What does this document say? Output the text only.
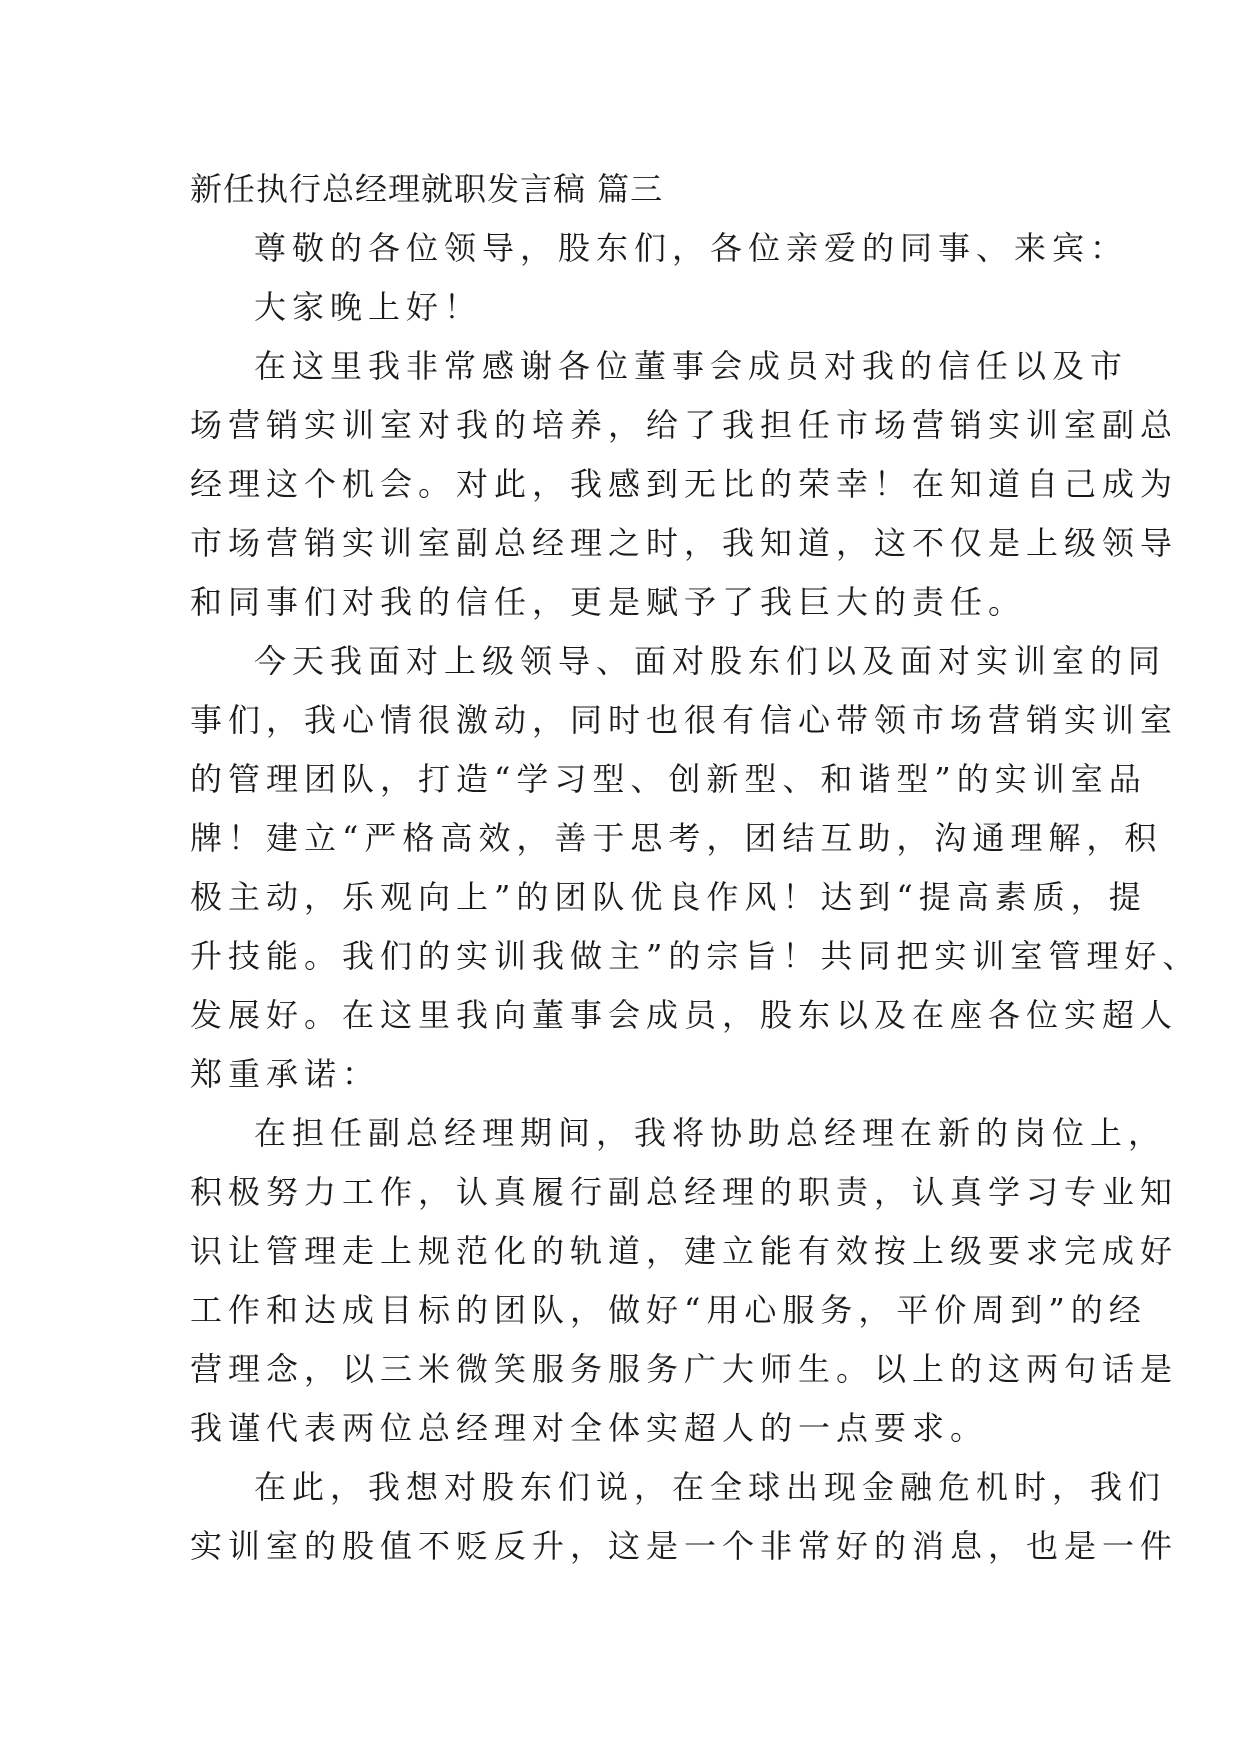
新任执行总经理就职发言稿 篇三
尊敬的各位领导，股东们，各位亲爱的同事、来宾：
大家晚上好！
在这里我非常感谢各位董事会成员对我的信任以及市
场营销实训室对我的培养，给了我担任市场营销实训室副总
经理这个机会。对此，我感到无比的荣幸！在知道自己成为
市场营销实训室副总经理之时，我知道，这不仅是上级领导
和同事们对我的信任，更是赋予了我巨大的责任。
今天我面对上级领导、面对股东们以及面对实训室的同
事们，我心情很激动，同时也很有信心带领市场营销实训室
的管理团队，打造“学习型、创新型、和谐型”的实训室品
牌！建立“严格高效，善于思考，团结互助，沟通理解，积
极主动，乐观向上”的团队优良作风！达到“提高素质，提
升技能。我们的实训我做主”的宗旨！共同把实训室管理好、
发展好。在这里我向董事会成员，股东以及在座各位实超人
郑重承诺：
在担任副总经理期间，我将协助总经理在新的岗位上，
积极努力工作，认真履行副总经理的职责，认真学习专业知
识让管理走上规范化的轨道，建立能有效按上级要求完成好
工作和达成目标的团队，做好“用心服务，平价周到”的经
营理念，以三米微笑服务服务广大师生。以上的这两句话是
我谨代表两位总经理对全体实超人的一点要求。
在此，我想对股东们说，在全球出现金融危机时，我们
实训室的股值不贬反升，这是一个非常好的消息，也是一件
